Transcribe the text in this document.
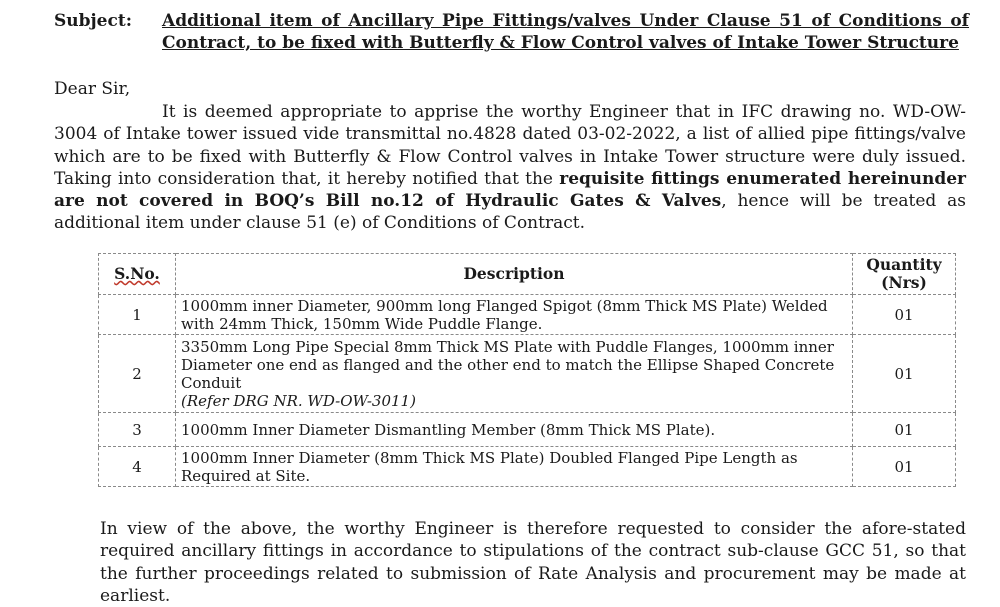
Subject:	Additional item of Ancillary Pipe Fittings/valves Under Clause 51 of Conditions of Contract, to be fixed with Butterfly & Flow Control valves of Intake Tower Structure
Dear Sir,

It is deemed appropriate to apprise the worthy Engineer that in IFC drawing no. WD-OW-3004 of Intake tower issued vide transmittal no.4828 dated 03-02-2022, a list of allied pipe fittings/valve which are to be fixed with Butterfly & Flow Control valves in Intake Tower structure were duly issued. Taking into consideration that, it hereby notified that the requisite fittings enumerated hereinunder are not covered in BOQ’s Bill no.12 of Hydraulic Gates & Valves, hence will be treated as additional item under clause 51 (e) of Conditions of Contract.

S.No.	Description	Quantity
(Nrs)
1	1000mm inner Diameter, 900mm long Flanged Spigot (8mm Thick MS Plate) Welded with 24mm Thick, 150mm Wide Puddle Flange.	01
2	3350mm Long Pipe Special 8mm Thick MS Plate with Puddle Flanges, 1000mm inner Diameter one end as flanged and the other end to match the Ellipse Shaped Concrete Conduit
(Refer DRG NR. WD-OW-3011)	01
3	1000mm Inner Diameter Dismantling Member (8mm Thick MS Plate).	01
4	1000mm Inner Diameter (8mm Thick MS Plate) Doubled Flanged Pipe Length as Required at Site.	01

In view of the above, the worthy Engineer is therefore requested to consider the afore-stated required ancillary fittings in accordance to stipulations of the contract sub-clause GCC 51, so that the further proceedings related to submission of Rate Analysis and procurement may be made at earliest.
